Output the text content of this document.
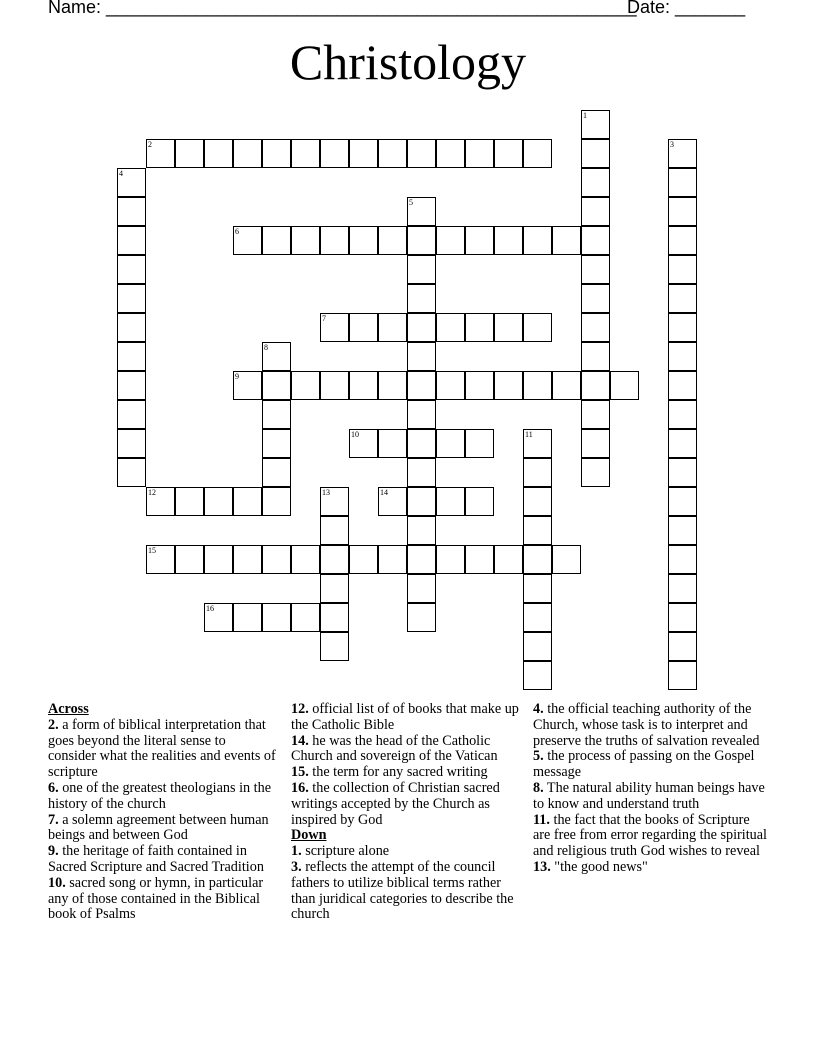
Name: _____________________________________________________
Date: _______
Christology
1
2	3
4
5
6
7
8
9
10	11
12	13	14
15
16
Across
2. a form of biblical interpretation that goes beyond the literal sense to consider what the realities and events of scripture
6. one of the greatest theologians in the history of the church
7. a solemn agreement between human beings and between God
9. the heritage of faith contained in Sacred Scripture and Sacred Tradition
10. sacred song or hymn, in particular any of those contained in the Biblical book of Psalms
12. official list of of books that make up the Catholic Bible
14. he was the head of the Catholic Church and sovereign of the Vatican
15. the term for any sacred writing
16. the collection of Christian sacred writings accepted by the Church as inspired by God
Down
1. scripture alone
3. reflects the attempt of the council fathers to utilize biblical terms rather than juridical categories to describe the church
4. the official teaching authority of the Church, whose task is to interpret and preserve the truths of salvation revealed
5. the process of passing on the Gospel message
8. The natural ability human beings have to know and understand truth
11. the fact that the books of Scripture are free from error regarding the spiritual and religious truth God wishes to reveal
13. "the good news"
